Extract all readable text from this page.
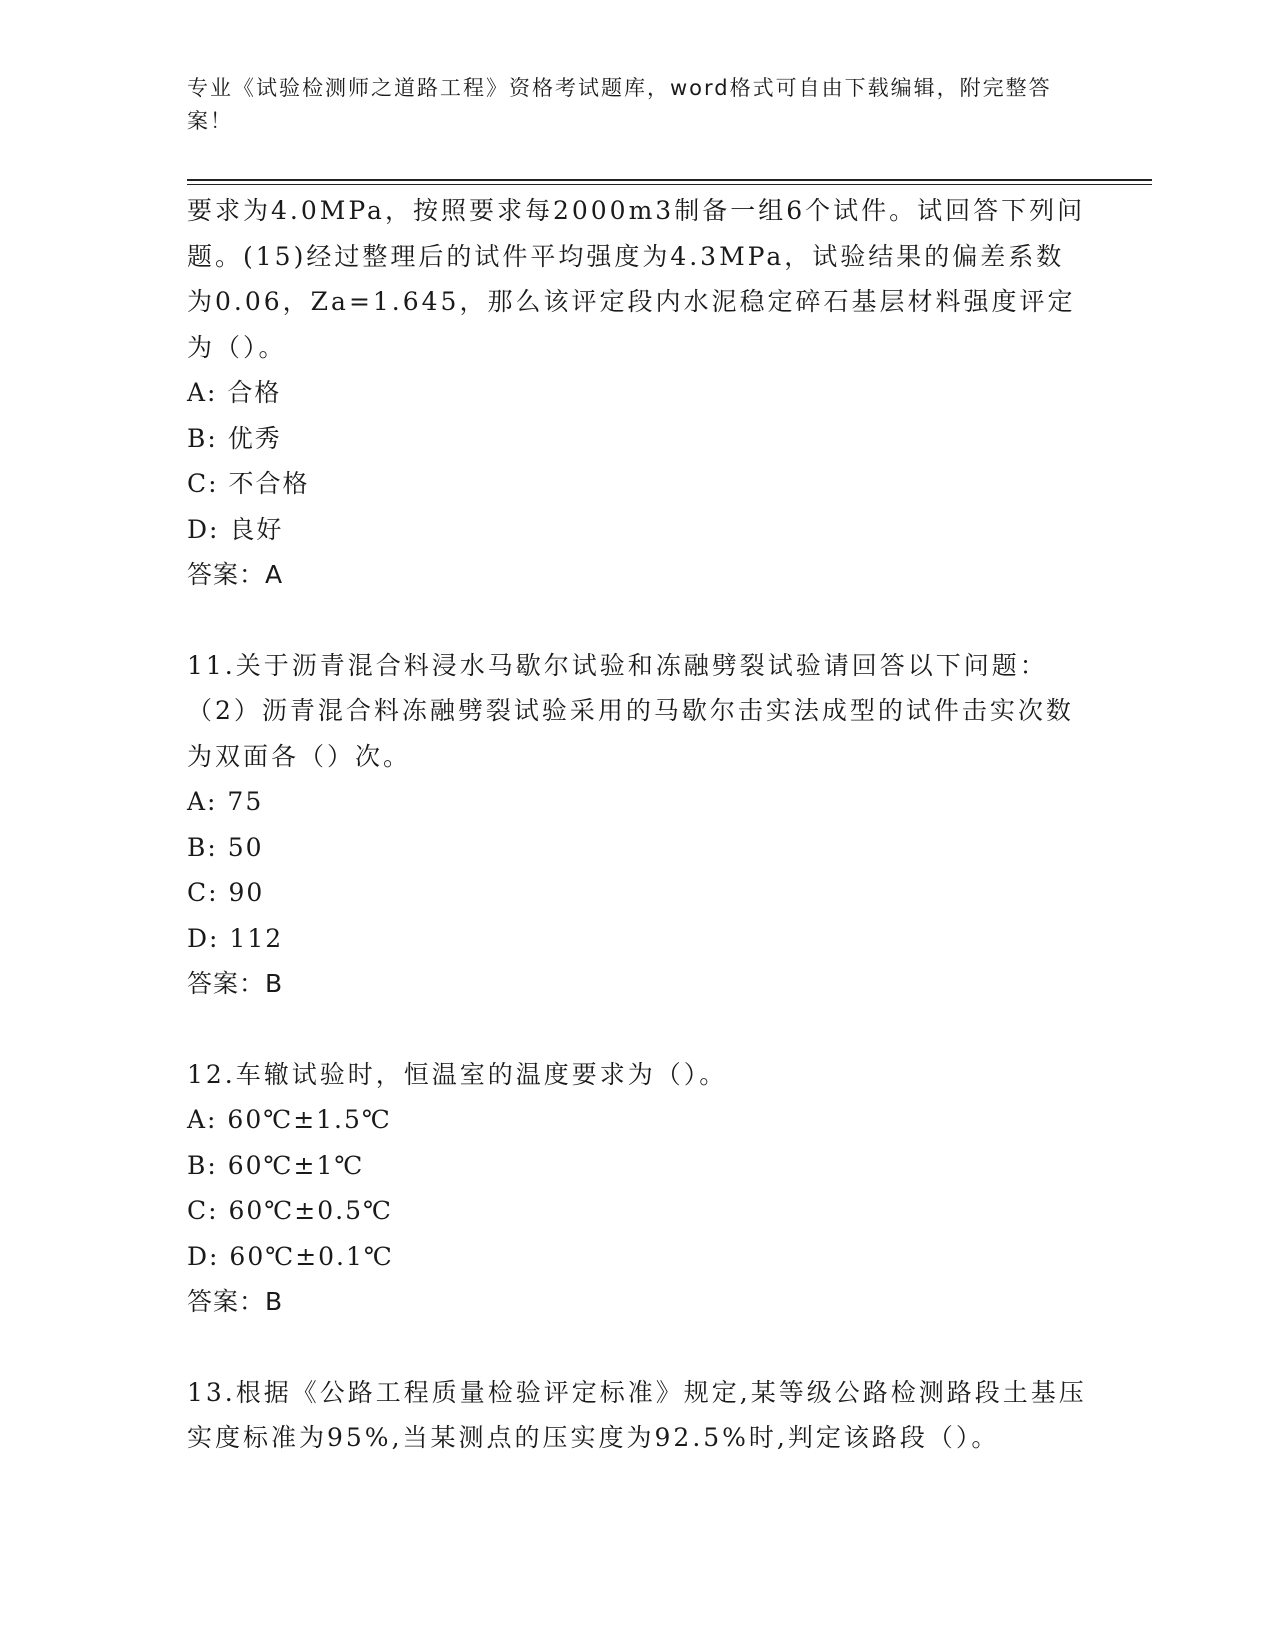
专业《试验检测师之道路工程》资格考试题库，word格式可自由下载编辑，附完整答案！

要求为4.0MPa，按照要求每2000m3制备一组6个试件。试回答下列问题。(15)经过整理后的试件平均强度为4.3MPa，试验结果的偏差系数为0.06，Za=1.645，那么该评定段内水泥稳定碎石基层材料强度评定为（）。

A: 合格

B: 优秀

C: 不合格

D: 良好

答案：A

11.关于沥青混合料浸水马歇尔试验和冻融劈裂试验请回答以下问题：（2）沥青混合料冻融劈裂试验采用的马歇尔击实法成型的试件击实次数为双面各（）次。

A: 75

B: 50

C: 90

D: 112

答案：B

12.车辙试验时，恒温室的温度要求为（）。

A: 60℃±1.5℃

B: 60℃±1℃

C: 60℃±0.5℃

D: 60℃±0.1℃

答案：B

13.根据《公路工程质量检验评定标准》规定,某等级公路检测路段土基压实度标准为95%,当某测点的压实度为92.5%时,判定该路段（）。
